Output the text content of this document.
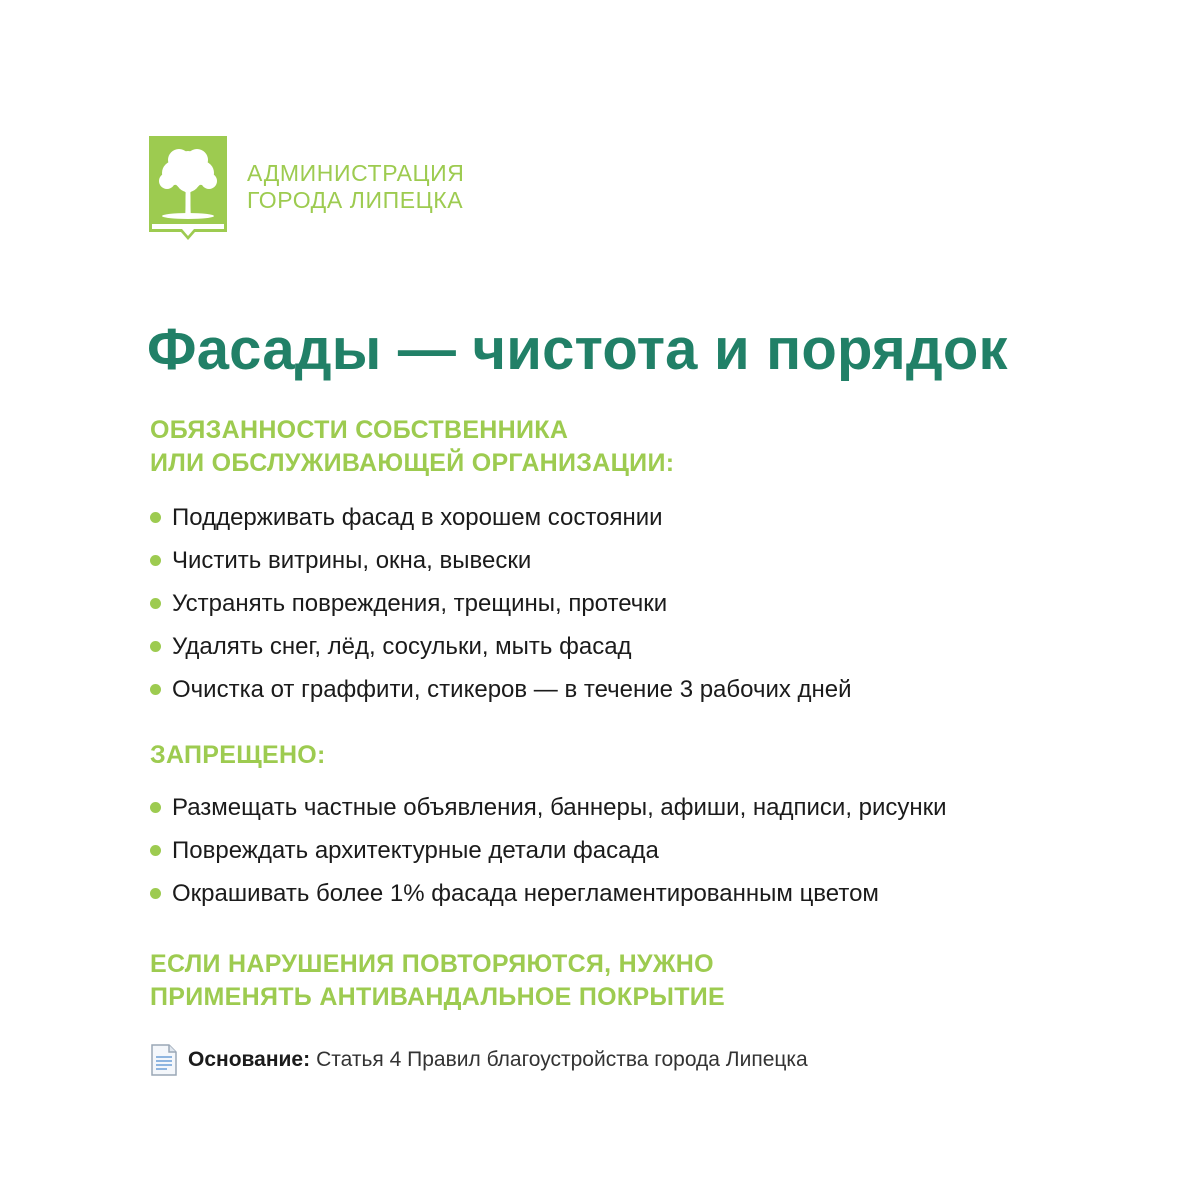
АДМИНИСТРАЦИЯ
ГОРОДА ЛИПЕЦКА
Фасады — чистота и порядок
ОБЯЗАННОСТИ СОБСТВЕННИКА
ИЛИ ОБСЛУЖИВАЮЩЕЙ ОРГАНИЗАЦИИ:
Поддерживать фасад в хорошем состоянии
Чистить витрины, окна, вывески
Устранять повреждения, трещины, протечки
Удалять снег, лёд, сосульки, мыть фасад
Очистка от граффити, стикеров — в течение 3 рабочих дней
ЗАПРЕЩЕНО:
Размещать частные объявления, баннеры, афиши, надписи, рисунки
Повреждать архитектурные детали фасада
Окрашивать более 1% фасада нерегламентированным цветом
ЕСЛИ НАРУШЕНИЯ ПОВТОРЯЮТСЯ, НУЖНО
ПРИМЕНЯТЬ АНТИВАНДАЛЬНОЕ ПОКРЫТИЕ
Основание: Статья 4 Правил благоустройства города Липецка
